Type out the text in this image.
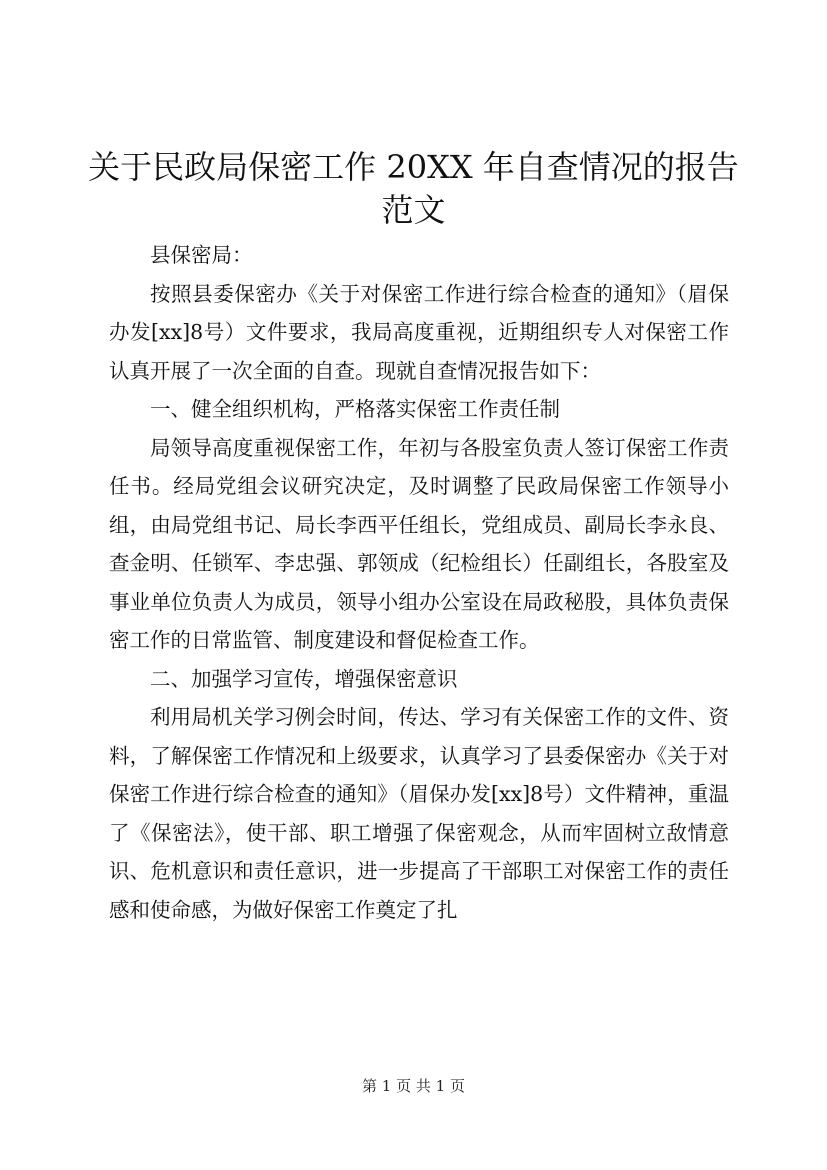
关于民政局保密工作 20XX 年自查情况的报告
范文

县保密局：

按照县委保密办《关于对保密工作进行综合检查的通知》（眉保办发[xx]8号）文件要求，我局高度重视，近期组织专人对保密工作认真开展了一次全面的自查。现就自查情况报告如下：

一、健全组织机构，严格落实保密工作责任制

局领导高度重视保密工作，年初与各股室负责人签订保密工作责任书。经局党组会议研究决定，及时调整了民政局保密工作领导小组，由局党组书记、局长李西平任组长，党组成员、副局长李永良、查金明、任锁军、李忠强、郭领成（纪检组长）任副组长，各股室及事业单位负责人为成员，领导小组办公室设在局政秘股，具体负责保密工作的日常监管、制度建设和督促检查工作。

二、加强学习宣传，增强保密意识

利用局机关学习例会时间，传达、学习有关保密工作的文件、资料，了解保密工作情况和上级要求，认真学习了县委保密办《关于对保密工作进行综合检查的通知》（眉保办发[xx]8号）文件精神，重温了《保密法》，使干部、职工增强了保密观念，从而牢固树立敌情意识、危机意识和责任意识，进一步提高了干部职工对保密工作的责任感和使命感，为做好保密工作奠定了扎

第 1 页 共 1 页
